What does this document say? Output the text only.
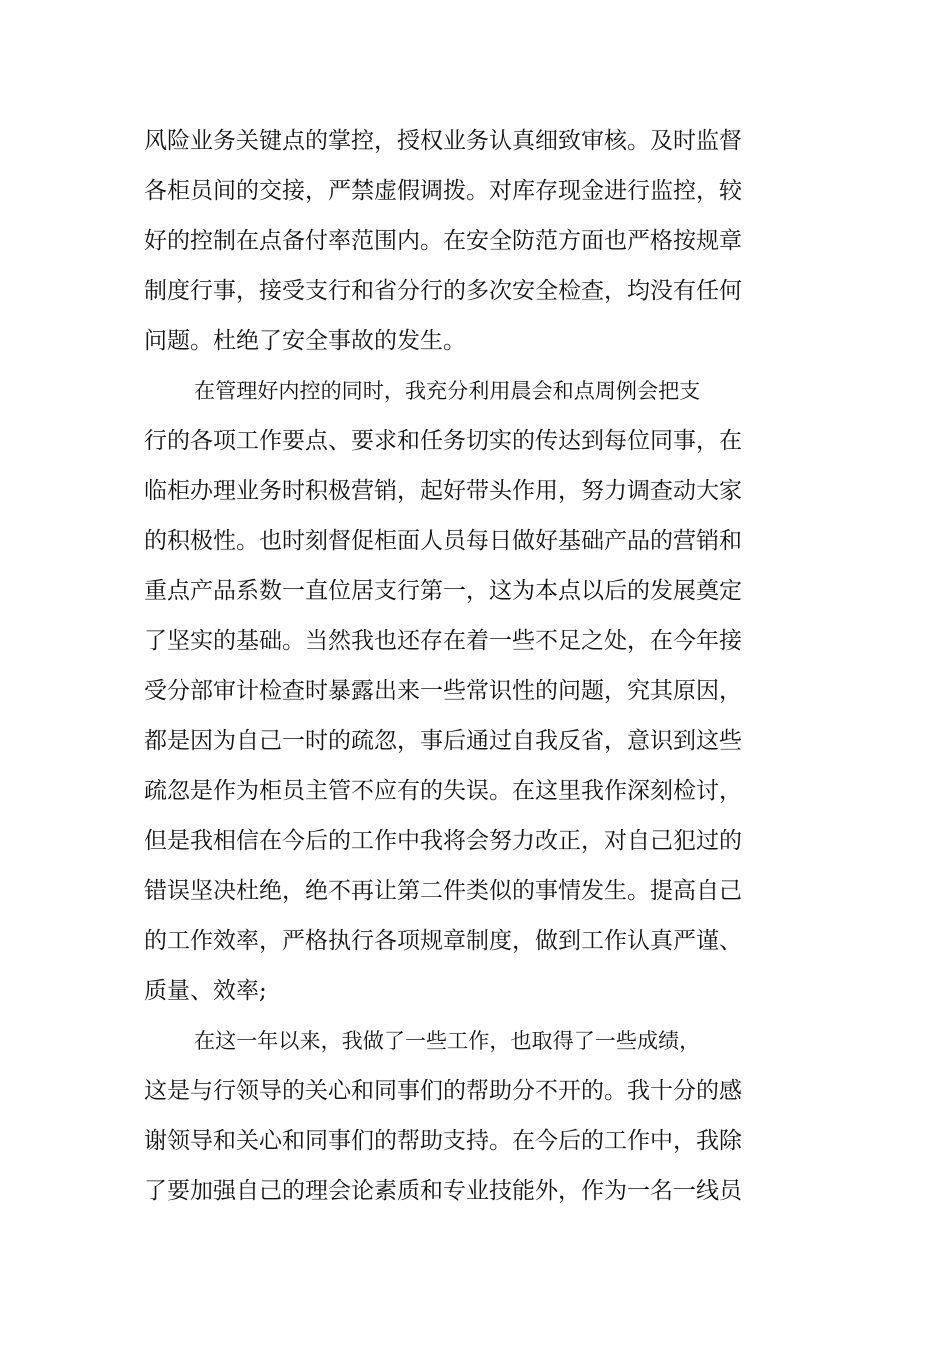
风险业务关键点的掌控，授权业务认真细致审核。及时监督
各柜员间的交接，严禁虚假调拨。对库存现金进行监控，较
好的控制在点备付率范围内。在安全防范方面也严格按规章
制度行事，接受支行和省分行的多次安全检查，均没有任何
问题。杜绝了安全事故的发生。
在管理好内控的同时，我充分利用晨会和点周例会把支
行的各项工作要点、要求和任务切实的传达到每位同事，在
临柜办理业务时积极营销，起好带头作用，努力调查动大家
的积极性。也时刻督促柜面人员每日做好基础产品的营销和
重点产品系数一直位居支行第一，这为本点以后的发展奠定
了坚实的基础。当然我也还存在着一些不足之处，在今年接
受分部审计检查时暴露出来一些常识性的问题，究其原因，
都是因为自己一时的疏忽，事后通过自我反省，意识到这些
疏忽是作为柜员主管不应有的失误。在这里我作深刻检讨，
但是我相信在今后的工作中我将会努力改正，对自己犯过的
错误坚决杜绝，绝不再让第二件类似的事情发生。提高自己
的工作效率，严格执行各项规章制度，做到工作认真严谨、
质量、效率;
在这一年以来，我做了一些工作，也取得了一些成绩，
这是与行领导的关心和同事们的帮助分不开的。我十分的感
谢领导和关心和同事们的帮助支持。在今后的工作中，我除
了要加强自己的理会论素质和专业技能外，作为一名一线员
